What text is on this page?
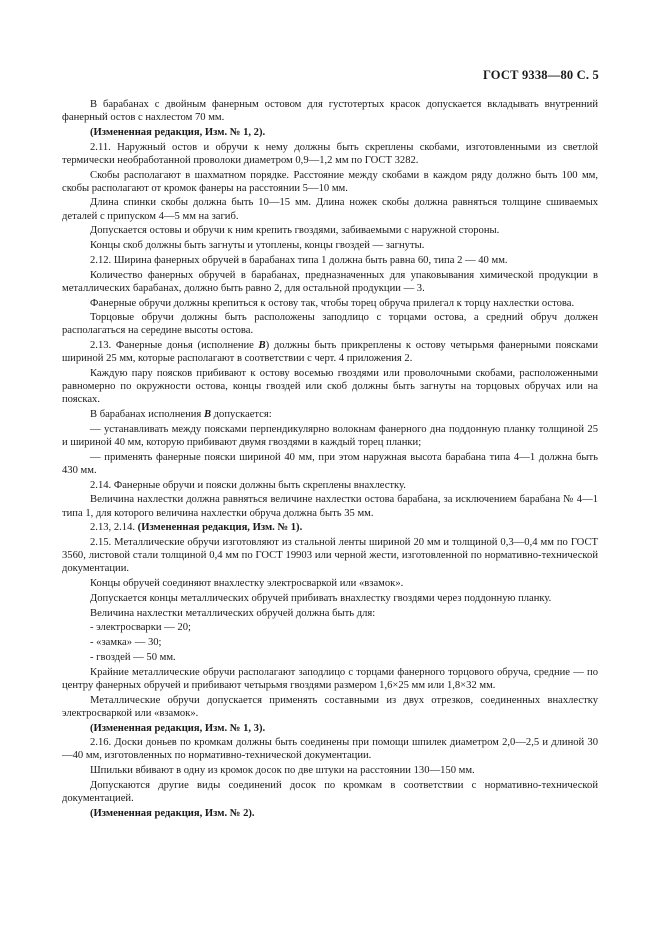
ГОСТ 9338—80 С. 5

В барабанах с двойным фанерным остовом для густотертых красок допускается вкладывать внутренний фанерный остов с нахлестом 70 мм.

(Измененная редакция, Изм. № 1, 2).

2.11. Наружный остов и обручи к нему должны быть скреплены скобами, изготовленными из светлой термически необработанной проволоки диаметром 0,9—1,2 мм по ГОСТ 3282.

Скобы располагают в шахматном порядке. Расстояние между скобами в каждом ряду должно быть 100 мм, скобы располагают от кромок фанеры на расстоянии 5—10 мм.

Длина спинки скобы должна быть 10—15 мм. Длина ножек скобы должна равняться толщине сшиваемых деталей с припуском 4—5 мм на загиб.

Допускается остовы и обручи к ним крепить гвоздями, забиваемыми с наружной стороны.

Концы скоб должны быть загнуты и утоплены, концы гвоздей — загнуты.

2.12. Ширина фанерных обручей в барабанах типа 1 должна быть равна 60, типа 2 — 40 мм.

Количество фанерных обручей в барабанах, предназначенных для упаковывания химической продукции в металлических барабанах, должно быть равно 2, для остальной продукции — 3.

Фанерные обручи должны крепиться к остову так, чтобы торец обруча прилегал к торцу нахлестки остова.

Торцовые обручи должны быть расположены заподлицо с торцами остова, а средний обруч должен располагаться на середине высоты остова.

2.13. Фанерные донья (исполнение В) должны быть прикреплены к остову четырьмя фанерными поясками шириной 25 мм, которые располагают в соответствии с черт. 4 приложения 2.

Каждую пару поясков прибивают к остову восемью гвоздями или проволочными скобами, расположенными равномерно по окружности остова, концы гвоздей или скоб должны быть загнуты на торцовых обручах или на поясках.

В барабанах исполнения В допускается:

— устанавливать между поясками перпендикулярно волокнам фанерного дна поддонную планку толщиной 25 и шириной 40 мм, которую прибивают двумя гвоздями в каждый торец планки;

— применять фанерные пояски шириной 40 мм, при этом наружная высота барабана типа 4—1 должна быть 430 мм.

2.14. Фанерные обручи и пояски должны быть скреплены внахлестку.

Величина нахлестки должна равняться величине нахлестки остова барабана, за исключением барабана № 4—1 типа 1, для которого величина нахлестки обруча должна быть 35 мм.

2.13, 2.14. (Измененная редакция, Изм. № 1).

2.15. Металлические обручи изготовляют из стальной ленты шириной 20 мм и толщиной 0,3—0,4 мм по ГОСТ 3560, листовой стали толщиной 0,4 мм по ГОСТ 19903 или черной жести, изготовленной по нормативно-технической документации.

Концы обручей соединяют внахлестку электросваркой или «взамок».

Допускается концы металлических обручей прибивать внахлестку гвоздями через поддонную планку.

Величина нахлестки металлических обручей должна быть для:

- электросварки — 20;

- «замка» — 30;

- гвоздей — 50 мм.

Крайние металлические обручи располагают заподлицо с торцами фанерного торцового обруча, средние — по центру фанерных обручей и прибивают четырьмя гвоздями размером 1,6×25 мм или 1,8×32 мм.

Металлические обручи допускается применять составными из двух отрезков, соединенных внахлестку электросваркой или «взамок».

(Измененная редакция, Изм. № 1, 3).

2.16. Доски доньев по кромкам должны быть соединены при помощи шпилек диаметром 2,0—2,5 и длиной 30—40 мм, изготовленных по нормативно-технической документации.

Шпильки вбивают в одну из кромок досок по две штуки на расстоянии 130—150 мм.

Допускаются другие виды соединений досок по кромкам в соответствии с нормативно-технической документацией.

(Измененная редакция, Изм. № 2).
